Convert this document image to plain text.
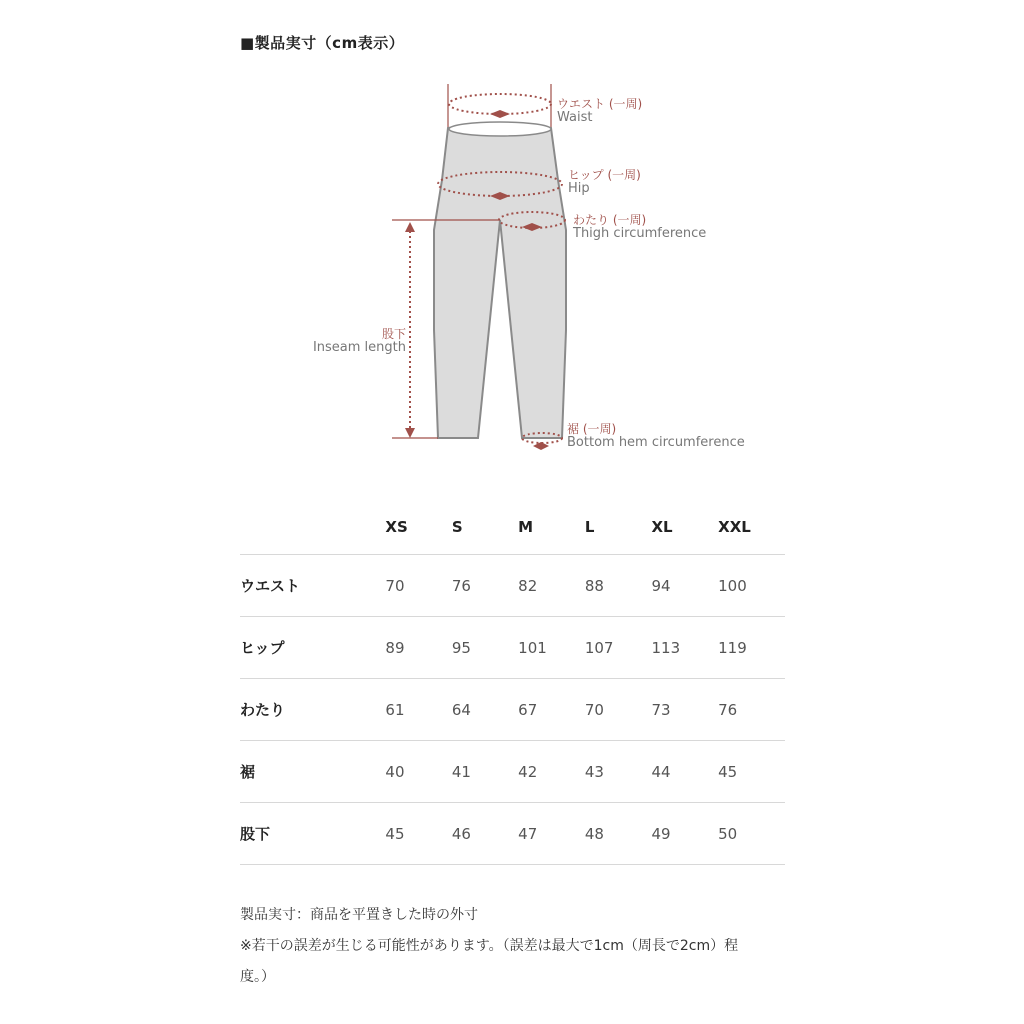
■製品実寸（cm表示）
ウエスト (一周)
Waist
ヒップ (一周)
Hip
わたり (一周)
Thigh circumference
股下
Inseam length
裾 (一周)
Bottom hem circumference
	XS	S	M	L	XL	XXL
ウエスト	70	76	82	88	94	100
ヒップ	89	95	101	107	113	119
わたり	61	64	67	70	73	76
裾	40	41	42	43	44	45
股下	45	46	47	48	49	50

製品実寸：商品を平置きした時の外寸

※若干の誤差が生じる可能性があります。（誤差は最大で1cm（周長で2cm）程度。）
